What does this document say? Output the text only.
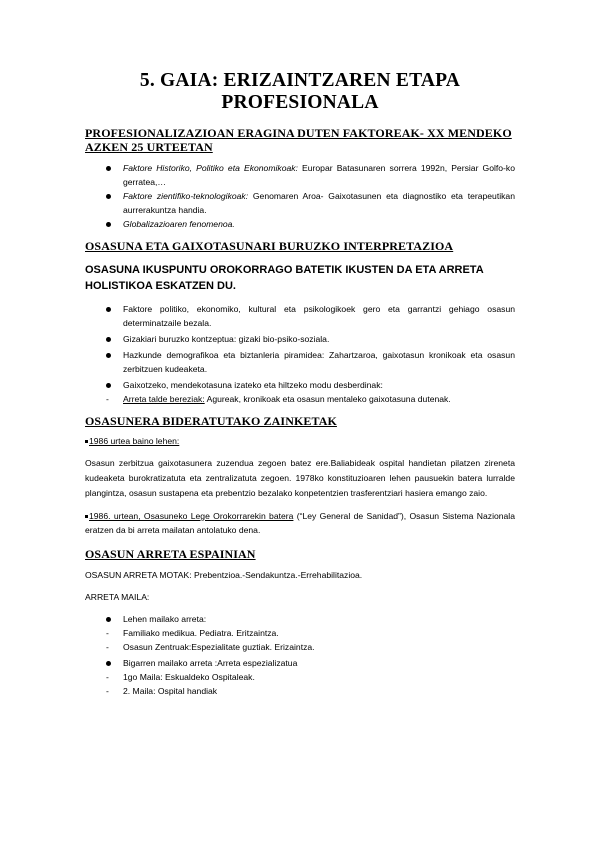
5. GAIA: ERIZAINTZAREN ETAPA PROFESIONALA
PROFESIONALIZAZIOAN ERAGINA DUTEN FAKTOREAK- XX MENDEKO AZKEN 25 URTEETAN
Faktore Historiko, Politiko eta Ekonomikoak: Europar Batasunaren sorrera 1992n, Persiar Golfo-ko gerratea,…
Faktore zientifiko-teknologikoak: Genomaren Aroa- Gaixotasunen eta diagnostiko eta terapeutikan aurrerakuntza handia.
Globalizazioaren fenomenoa.
OSASUNA ETA GAIXOTASUNARI BURUZKO INTERPRETAZIOA
OSASUNA IKUSPUNTU OROKORRAGO BATETIK IKUSTEN DA ETA ARRETA HOLISTIKOA ESKATZEN DU.
Faktore politiko, ekonomiko, kultural eta psikologikoek gero eta garrantzi gehiago osasun determinatzaile bezala.
Gizakiari buruzko kontzeptua: gizaki bio-psiko-soziala.
Hazkunde demografikoa eta biztanleria piramidea: Zahartzaroa, gaixotasun kronikoak eta osasun zerbitzuen kudeaketa.
Gaixotzeko, mendekotasuna izateko eta hiltzeko modu desberdinak:
-	Arreta talde bereziak: Agureak, kronikoak eta osasun mentaleko gaixotasuna dutenak.
OSASUNERA BIDERATUTAKO ZAINKETAK

1986 urtea baino lehen:

Osasun zerbitzua gaixotasunera zuzendua zegoen batez ere.Baliabideak ospital handietan pilatzen zireneta kudeaketa burokratizatuta eta zentralizatuta zegoen. 1978ko konstituzioaren lehen pausuekin batera lurralde plangintza, osasun sustapena eta prebentzio bezalako konpetentzien trasferentziari hasiera emango zaio.

1986. urtean, Osasuneko Lege Orokorrarekin batera (“Ley General de Sanidad”), Osasun Sistema Nazionala eratzen da bi arreta mailatan antolatuko dena.

OSASUN ARRETA ESPAINIAN

OSASUN ARRETA MOTAK: Prebentzioa.-Sendakuntza.-Errehabilitazioa.

ARRETA MAILA:

Lehen mailako arreta:
-	Familiako medikua. Pediatra. Eritzaintza.
-	Osasun Zentruak:Espezialitate guztiak. Erizaintza.
Bigarren mailako arreta :Arreta espezializatua
-	1go Maila: Eskualdeko Ospitaleak.
-	2. Maila: Ospital handiak
